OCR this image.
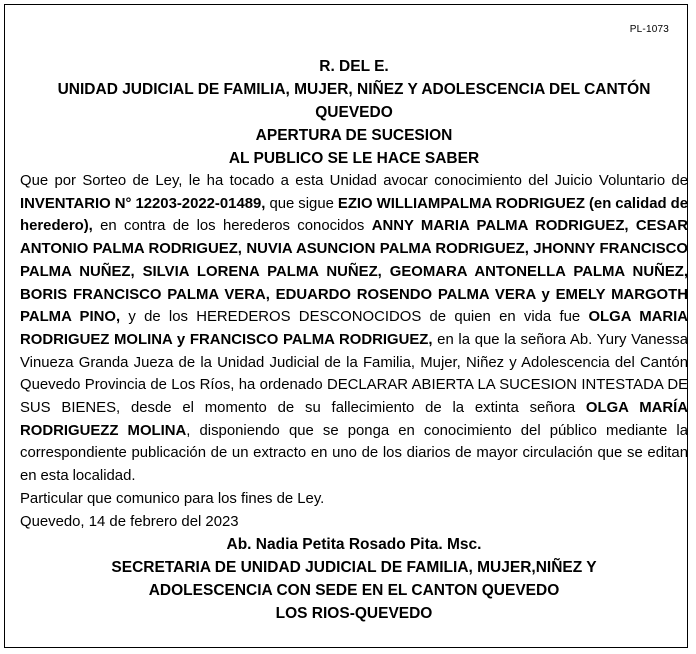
PL-1073

R. DEL E.

UNIDAD JUDICIAL DE FAMILIA, MUJER, NIÑEZ Y ADOLESCENCIA DEL CANTÓN QUEVEDO

APERTURA DE SUCESION

AL PUBLICO SE LE HACE SABER

Que por Sorteo de Ley, le ha tocado a esta Unidad avocar conocimiento del Juicio Voluntario de INVENTARIO N° 12203-2022-01489, que sigue EZIO WILLIAMPALMA RODRIGUEZ (en calidad de heredero), en contra de los herederos conocidos ANNY MARIA PALMA RODRIGUEZ, CESAR ANTONIO PALMA RODRIGUEZ, NUVIA ASUNCION PALMA RODRIGUEZ, JHONNY FRANCISCO PALMA NUÑEZ, SILVIA LORENA PALMA NUÑEZ, GEOMARA ANTONELLA PALMA NUÑEZ, BORIS FRANCISCO PALMA VERA, EDUARDO ROSENDO PALMA VERA y EMELY MARGOTH PALMA PINO, y de los HEREDEROS DESCONOCIDOS de quien en vida fue OLGA MARIA RODRIGUEZ MOLINA y FRANCISCO PALMA RODRIGUEZ, en la que la señora Ab. Yury Vanessa Vinueza Granda Jueza de la Unidad Judicial de la Familia, Mujer, Niñez y Adolescencia del Cantón Quevedo Provincia de Los Ríos, ha ordenado DECLARAR ABIERTA LA SUCESION INTESTADA DE SUS BIENES, desde el momento de su fallecimiento de la extinta señora OLGA MARÍA RODRIGUEZZ MOLINA, disponiendo que se ponga en conocimiento del público mediante la correspondiente publicación de un extracto en uno de los diarios de mayor circulación que se editan en esta localidad.

Particular que comunico para los fines de Ley.

Quevedo, 14 de febrero del 2023

Ab. Nadia Petita Rosado Pita. Msc.

SECRETARIA DE UNIDAD JUDICIAL DE FAMILIA, MUJER,NIÑEZ Y

ADOLESCENCIA CON SEDE EN EL CANTON QUEVEDO

LOS RIOS-QUEVEDO
